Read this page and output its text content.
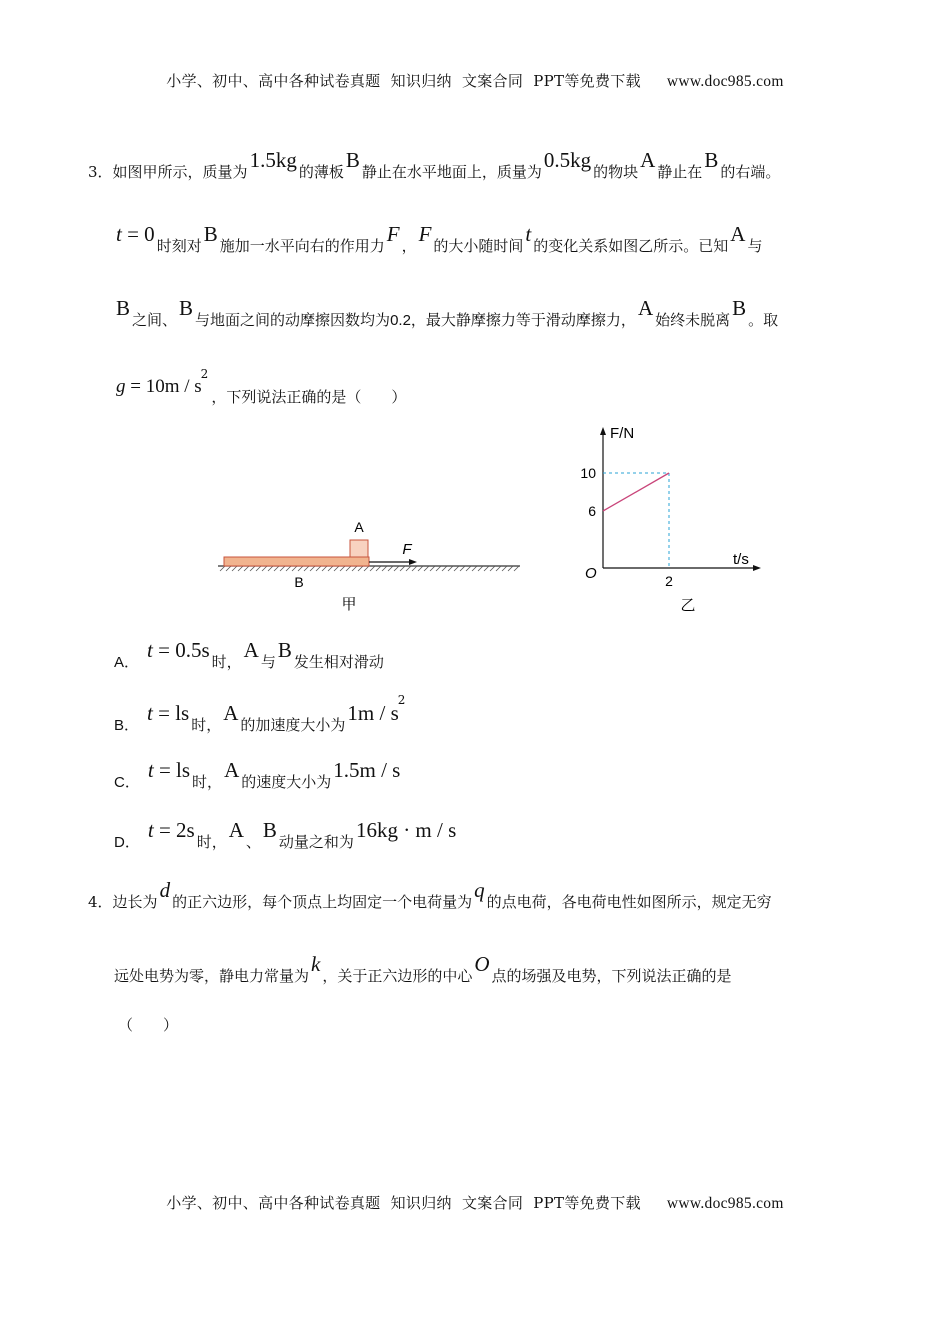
小学、初中、高中各种试卷真题  知识归纳  文案合同  PPT等免费下载 www.doc985.com
3．如图甲所示，质量为1.5kg 的薄板B 静止在水平地面上，质量为0.5kg 的物块A 静止在B 的右端。
t = 0 时刻对B 施加一水平向右的作用力F ，F 的大小随时间t 的变化关系如图乙所示。已知A 与
B 之间、B 与地面之间的动摩擦因数均为0.2，最大静摩擦力等于滑动摩擦力，A 始终未脱离B 。取
$g = 10m / s^2$，下列说法正确的是（　　）
A
B
F
甲
F/N
t/s
O
10
6
2
乙
A．t = 0.5s 时，A 与B 发生相对滑动
B．t = ls 时，A 的加速度大小为$1m / s^2$
C．t = ls 时，A 的速度大小为1.5m / s
D．t = 2s 时，A 、B 动量之和为16kg · m / s
4．边长为d 的正六边形，每个顶点上均固定一个电荷量为q 的点电荷，各电荷电性如图所示，规定无穷
远处电势为零，静电力常量为k ，关于正六边形的中心O 点的场强及电势，下列说法正确的是
（　　）
小学、初中、高中各种试卷真题  知识归纳  文案合同  PPT等免费下载 www.doc985.com
